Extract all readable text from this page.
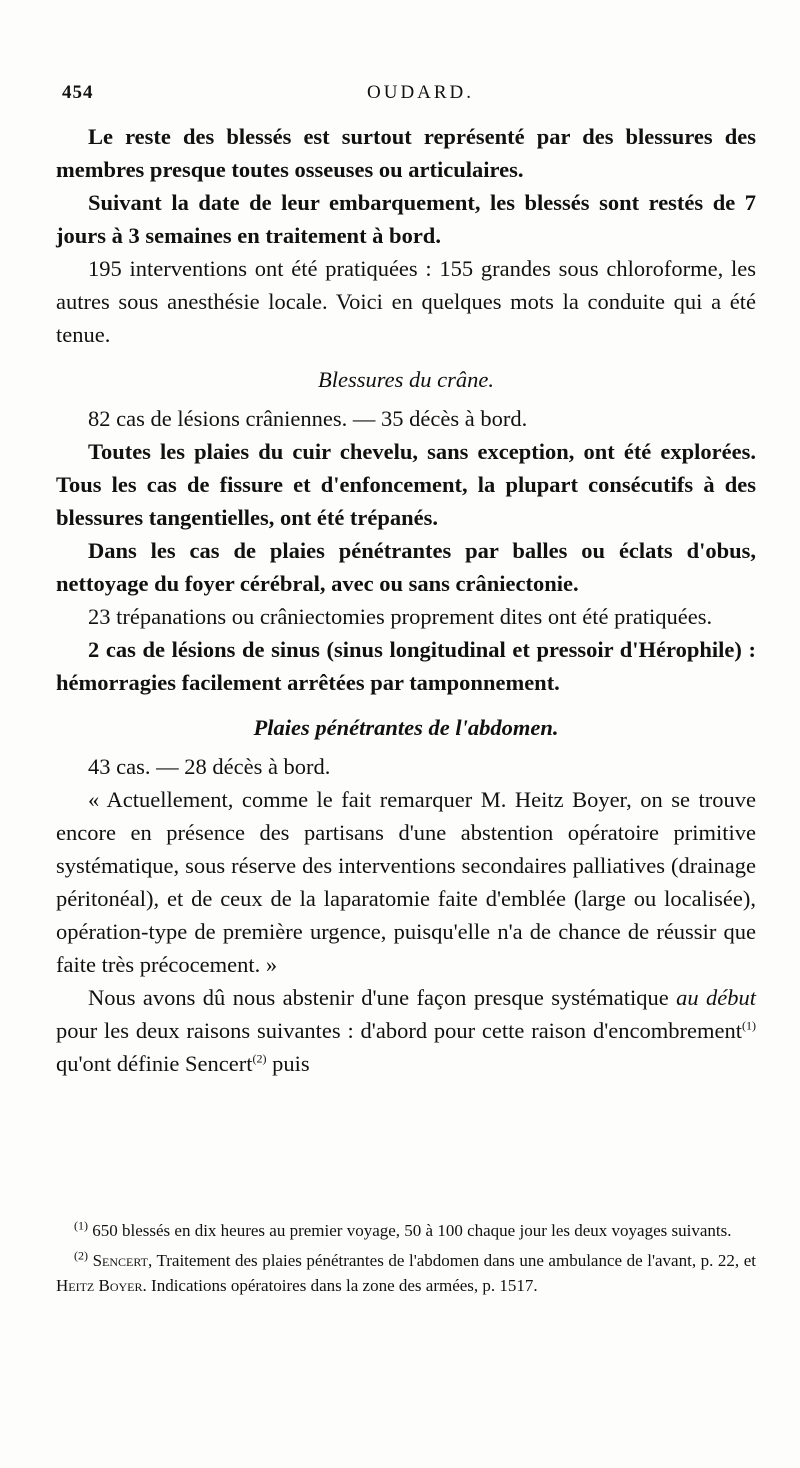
454	OUDARD.

Le reste des blessés est surtout représenté par des blessures des membres presque toutes osseuses ou articulaires.

Suivant la date de leur embarquement, les blessés sont restés de 7 jours à 3 semaines en traitement à bord.

195 interventions ont été pratiquées : 155 grandes sous chloroforme, les autres sous anesthésie locale. Voici en quelques mots la conduite qui a été tenue.

Blessures du crâne.

82 cas de lésions crâniennes. — 35 décès à bord.

Toutes les plaies du cuir chevelu, sans exception, ont été explorées. Tous les cas de fissure et d'enfoncement, la plupart consécutifs à des blessures tangentielles, ont été trépanés.

Dans les cas de plaies pénétrantes par balles ou éclats d'obus, nettoyage du foyer cérébral, avec ou sans crâniectonie.

23 trépanations ou crâniectomies proprement dites ont été pratiquées.

2 cas de lésions de sinus (sinus longitudinal et pressoir d'Hérophile) : hémorragies facilement arrêtées par tamponnement.

Plaies pénétrantes de l'abdomen.

43 cas. — 28 décès à bord.

« Actuellement, comme le fait remarquer M. Heitz Boyer, on se trouve encore en présence des partisans d'une abstention opératoire primitive systématique, sous réserve des interventions secondaires palliatives (drainage péritonéal), et de ceux de la laparatomie faite d'emblée (large ou localisée), opération-type de première urgence, puisqu'elle n'a de chance de réussir que faite très précocement. »

Nous avons dû nous abstenir d'une façon presque systématique au début pour les deux raisons suivantes : d'abord pour cette raison d'encombrement$^{(1)}$ qu'ont définie Sencert$^{(2)}$ puis

$^{(1)}$ 650 blessés en dix heures au premier voyage, 50 à 100 chaque jour les deux voyages suivants.

$^{(2)}$ Sencert, Traitement des plaies pénétrantes de l'abdomen dans une ambulance de l'avant, p. 22, et Heitz Boyer. Indications opératoires dans la zone des armées, p. 1517.
